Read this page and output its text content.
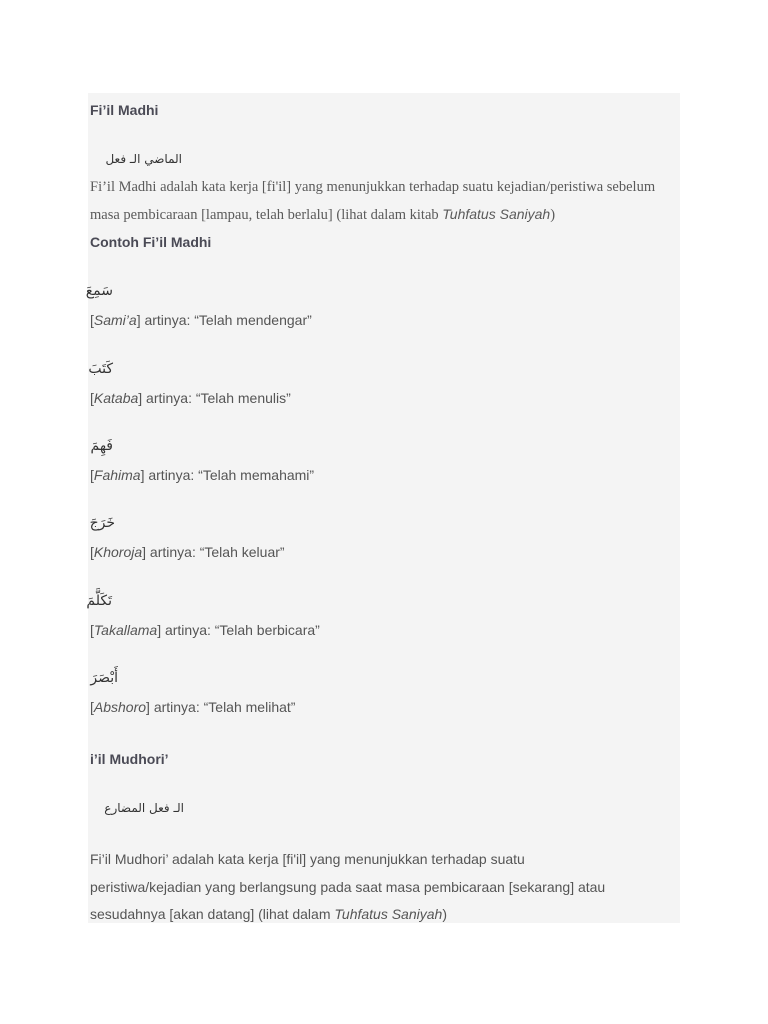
Fi’il Madhi
الماضي الـ فعل
Fi’il Madhi adalah kata kerja [fi'il] yang menunjukkan terhadap suatu kejadian/peristiwa sebelum
masa pembicaraan [lampau, telah berlalu] (lihat dalam kitab Tuhfatus Saniyah)
Contoh Fi’il Madhi
سَمِعَ
[Sami’a] artinya: “Telah mendengar”
كَتَبَ
[Kataba] artinya: “Telah menulis”
فَهِمَ
[Fahima] artinya: “Telah memahami”
خَرَجَ
[Khoroja] artinya: “Telah keluar”
تَكَلَّمَ
[Takallama] artinya: “Telah berbicara”
أَبْصَرَ
[Abshoro] artinya: “Telah melihat”
i’il Mudhori’
الـ فعل المضارع
Fi’il Mudhori’ adalah kata kerja [fi'il] yang menunjukkan terhadap suatu
peristiwa/kejadian yang berlangsung pada saat masa pembicaraan [sekarang] atau
sesudahnya [akan datang] (lihat dalam Tuhfatus Saniyah)
